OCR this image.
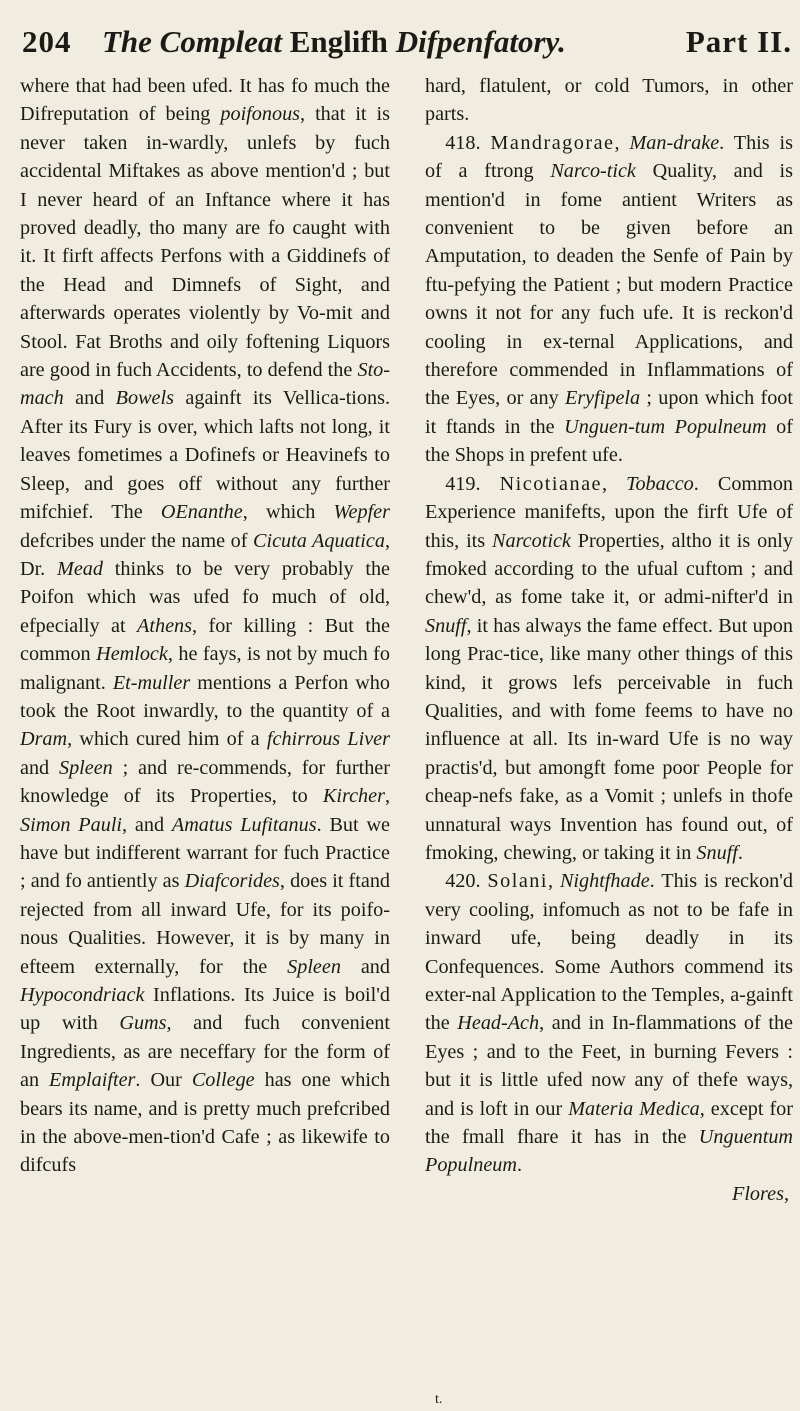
204 The Compleat Englifh Difpenfatory.	Part II.

where that had been ufed. It has fo much the Difreputation of being poifonous, that it is never taken in-wardly, unlefs by fuch accidental Miftakes as above mention'd ; but I never heard of an Inftance where it has proved deadly, tho many are fo caught with it. It firft affects Perfons with a Giddinefs of the Head and Dimnefs of Sight, and afterwards operates violently by Vo-mit and Stool. Fat Broths and oily foftening Liquors are good in fuch Accidents, to defend the Sto-mach and Bowels againft its Vellica-tions. After its Fury is over, which lafts not long, it leaves fometimes a Dofinefs or Heavinefs to Sleep, and goes off without any further mifchief. The OEnanthe, which Wepfer defcribes under the name of Cicuta Aquatica, Dr. Mead thinks to be very probably the Poifon which was ufed fo much of old, efpecially at Athens, for killing : But the common Hemlock, he fays, is not by much fo malignant. Et-muller mentions a Perfon who took the Root inwardly, to the quantity of a Dram, which cured him of a fchirrous Liver and Spleen ; and re-commends, for further knowledge of its Properties, to Kircher, Simon Pauli, and Amatus Lufitanus. But we have but indifferent warrant for fuch Practice ; and fo antiently as Diafcorides, does it ftand rejected from all inward Ufe, for its poifo-nous Qualities. However, it is by many in efteem externally, for the Spleen and Hypocondriack Inflations. Its Juice is boil'd up with Gums, and fuch convenient Ingredients, as are neceffary for the form of an Emplaifter. Our College has one which bears its name, and is pretty much prefcribed in the above-men-tion'd Cafe ; as likewife to difcufs

hard, flatulent, or cold Tumors, in other parts.

 418. Mandragorae, Man-drake. This is of a ftrong Narco-tick Quality, and is mention'd in fome antient Writers as convenient to be given before an Amputation, to deaden the Senfe of Pain by ftu-pefying the Patient ; but modern Practice owns it not for any fuch ufe. It is reckon'd cooling in ex-ternal Applications, and therefore commended in Inflammations of the Eyes, or any Eryfipela ; upon which foot it ftands in the Unguen-tum Populneum of the Shops in prefent ufe.

 419. Nicotianae, Tobacco. Common Experience manifefts, upon the firft Ufe of this, its Narcotick Properties, altho it is only fmoked according to the ufual cuftom ; and chew'd, as fome take it, or admi-nifter'd in Snuff, it has always the fame effect. But upon long Prac-tice, like many other things of this kind, it grows lefs perceivable in fuch Qualities, and with fome feems to have no influence at all. Its in-ward Ufe is no way practis'd, but amongft fome poor People for cheap-nefs fake, as a Vomit ; unlefs in thofe unnatural ways Invention has found out, of fmoking, chewing, or taking it in Snuff.

 420. Solani, Nightfhade. This is reckon'd very cooling, infomuch as not to be fafe in inward ufe, being deadly in its Confequences. Some Authors commend its exter-nal Application to the Temples, a-gainft the Head-Ach, and in In-flammations of the Eyes ; and to the Feet, in burning Fevers : but it is little ufed now any of thefe ways, and is loft in our Materia Medica, except for the fmall fhare it has in the Unguentum Populneum.

Flores,
t.
